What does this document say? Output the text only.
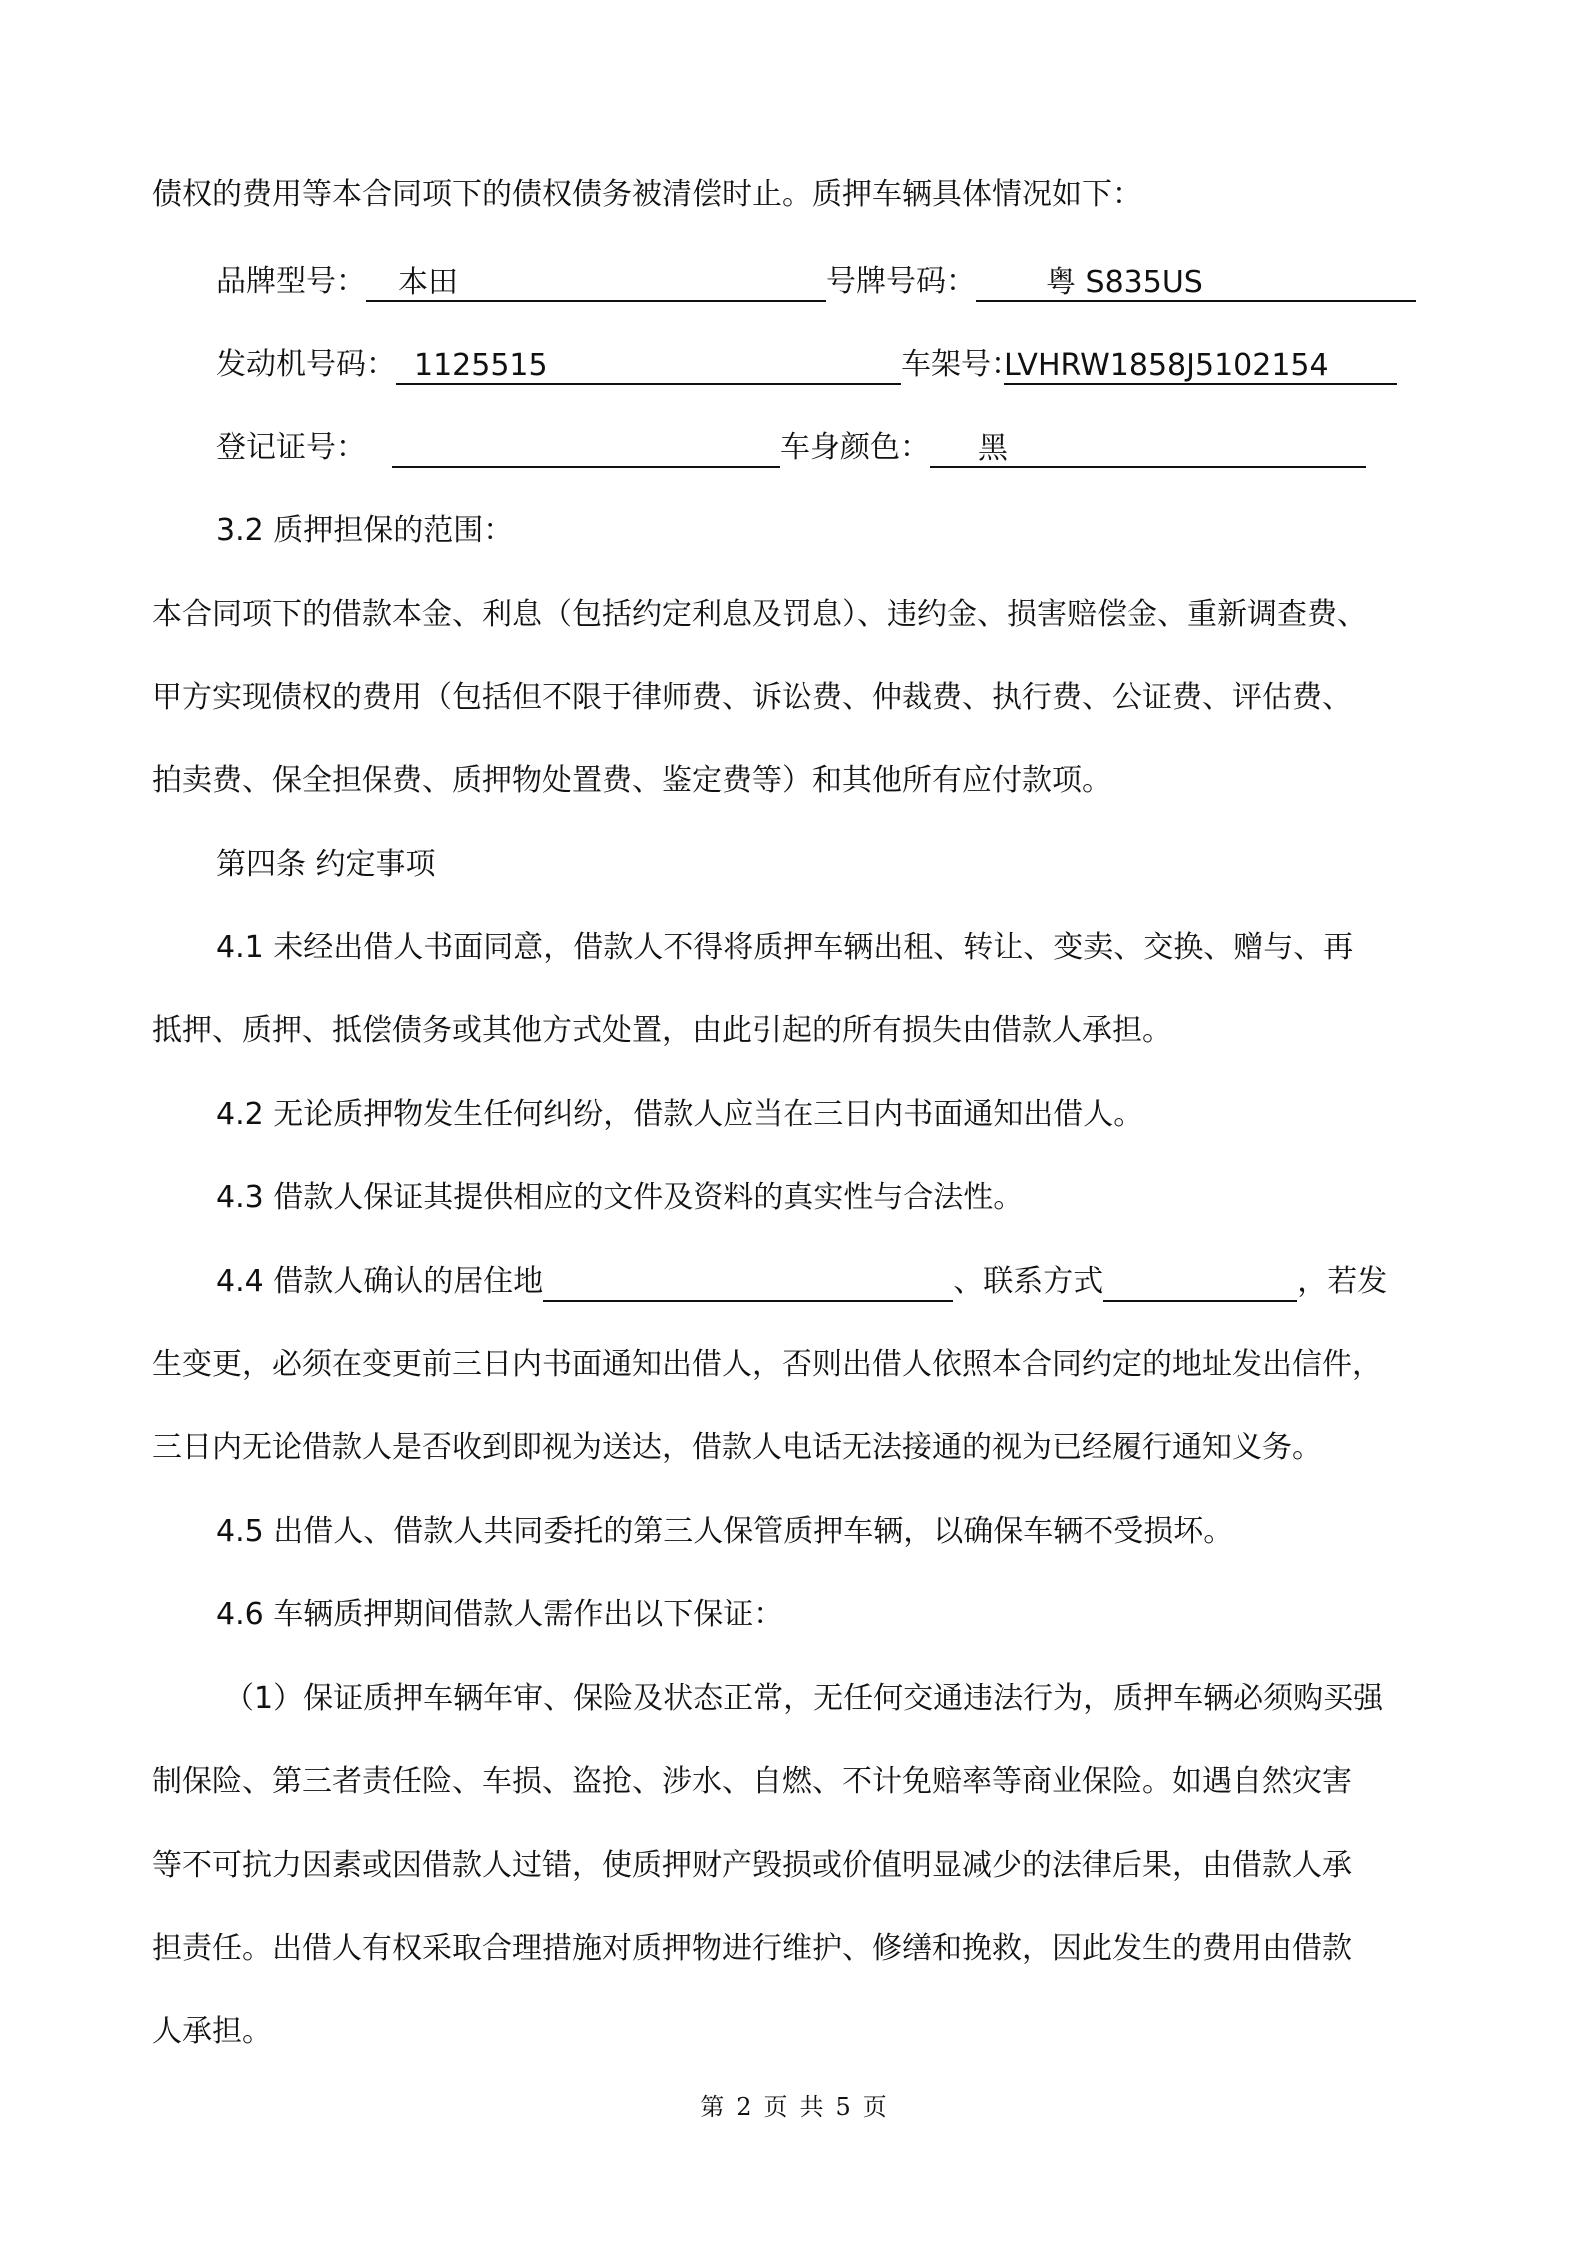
债权的费用等本合同项下的债权债务被清偿时止。质押车辆具体情况如下：
品牌型号： 本田	号牌号码： 粤 S835US
发动机号码： 1125515	车架号：LVHRW1858J5102154
登记证号：	车身颜色： 黑
3.2 质押担保的范围：
本合同项下的借款本金、利息（包括约定利息及罚息）、违约金、损害赔偿金、重新调查费、
甲方实现债权的费用（包括但不限于律师费、诉讼费、仲裁费、执行费、公证费、评估费、
拍卖费、保全担保费、质押物处置费、鉴定费等）和其他所有应付款项。
第四条 约定事项
4.1 未经出借人书面同意，借款人不得将质押车辆出租、转让、变卖、交换、赠与、再
抵押、质押、抵偿债务或其他方式处置，由此引起的所有损失由借款人承担。
4.2 无论质押物发生任何纠纷，借款人应当在三日内书面通知出借人。
4.3 借款人保证其提供相应的文件及资料的真实性与合法性。
4.4 借款人确认的居住地	、联系方式	，若发
生变更，必须在变更前三日内书面通知出借人，否则出借人依照本合同约定的地址发出信件，
三日内无论借款人是否收到即视为送达，借款人电话无法接通的视为已经履行通知义务。
4.5 出借人、借款人共同委托的第三人保管质押车辆，以确保车辆不受损坏。
4.6 车辆质押期间借款人需作出以下保证：
（1）保证质押车辆年审、保险及状态正常，无任何交通违法行为，质押车辆必须购买强
制保险、第三者责任险、车损、盗抢、涉水、自燃、不计免赔率等商业保险。如遇自然灾害
等不可抗力因素或因借款人过错，使质押财产毁损或价值明显减少的法律后果，由借款人承
担责任。出借人有权采取合理措施对质押物进行维护、修缮和挽救，因此发生的费用由借款
人承担。
第 2 页 共 5 页
